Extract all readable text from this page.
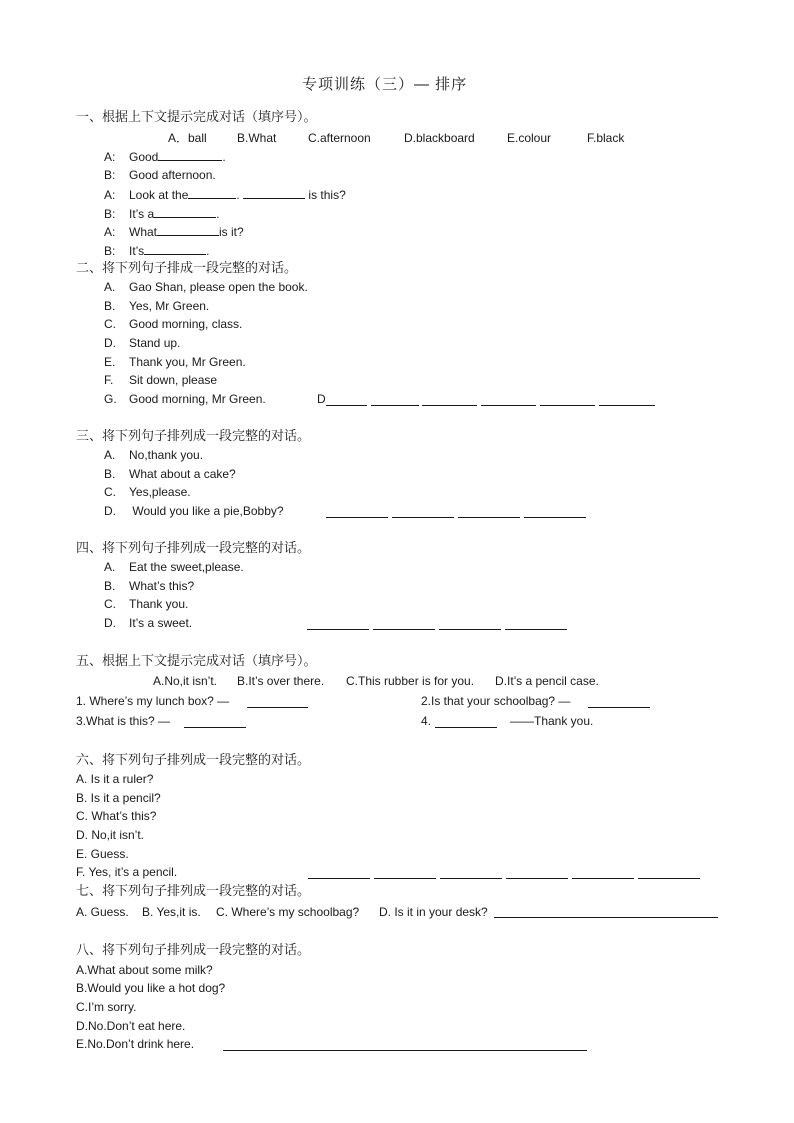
专项训练（三）— 排序
一、根据上下文提示完成对话（填序号）。
A．ball	B.What	C.afternoon	D.blackboard	E.colour	F.black
A: Good	.
B: Good afternoon.
A: Look at the	.	is this?
B: It’s a	.
A: What	is it?
B: It’s	.
二、将下列句子排成一段完整的对话。
A. Gao Shan, please open the book.
B. Yes, Mr Green.
C. Good morning, class.
D. Stand up.
E. Thank you, Mr Green.
F. Sit down, please
G. Good morning, Mr Green.	D
三、将下列句子排列成一段完整的对话。
A. No,thank you.
B. What about a cake?
C. Yes,please.
D. Would you like a pie,Bobby?
四、将下列句子排列成一段完整的对话。
A. Eat the sweet,please.
B. What’s this?
C. Thank you.
D. It’s a sweet.
五、根据上下文提示完成对话（填序号）。
A.No,it isn’t. B.It’s over there. C.This rubber is for you. D.It’s a pencil case.
1. Where’s my lunch box? —	2.Is that your schoolbag? —
3.What is this? —	4.	——Thank you.
六、将下列句子排列成一段完整的对话。
A. Is it a ruler?
B. Is it a pencil?
C. What’s this?
D. No,it isn’t.
E. Guess.
F. Yes, it’s a pencil.
七、将下列句子排列成一段完整的对话。
A. Guess. B. Yes,it is. C. Where’s my schoolbag? D. Is it in your desk?
八、将下列句子排列成一段完整的对话。
A.What about some milk?
B.Would you like a hot dog?
C.I’m sorry.
D.No.Don’t eat here.
E.No.Don’t drink here.
